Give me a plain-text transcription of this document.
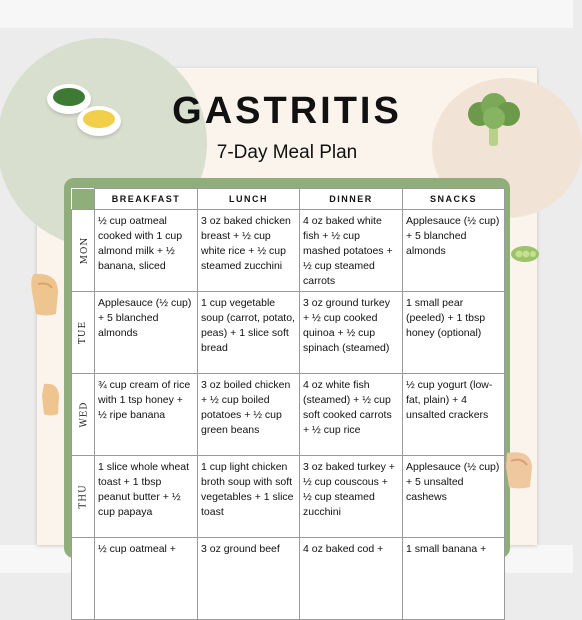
GASTRITIS
7-Day Meal Plan
	BREAKFAST	LUNCH	DINNER	SNACKS
MON	½ cup oatmeal cooked with 1 cup almond milk + ½ banana, sliced	3 oz baked chicken breast + ½ cup white rice + ½ cup steamed zucchini	4 oz baked white fish + ½ cup mashed potatoes + ½ cup steamed carrots	Applesauce (½ cup) + 5 blanched almonds
TUE	Applesauce (½ cup) + 5 blanched almonds	1 cup vegetable soup (carrot, potato, peas) + 1 slice soft bread	3 oz ground turkey + ½ cup cooked quinoa + ½ cup spinach (steamed)	1 small pear (peeled) + 1 tbsp honey (optional)
WED	¾ cup cream of rice with 1 tsp honey + ½ ripe banana	3 oz boiled chicken + ½ cup boiled potatoes + ½ cup green beans	4 oz white fish (steamed) + ½ cup soft cooked carrots + ½ cup rice	½ cup yogurt (low-fat, plain) + 4 unsalted crackers
THU	1 slice whole wheat toast + 1 tbsp peanut butter + ½ cup papaya	1 cup light chicken broth soup with soft vegetables + 1 slice toast	3 oz baked turkey + ½ cup couscous + ½ cup steamed zucchini	Applesauce (½ cup) + 5 unsalted cashews
	½ cup oatmeal +	3 oz ground beef	4 oz baked cod +	1 small banana +
